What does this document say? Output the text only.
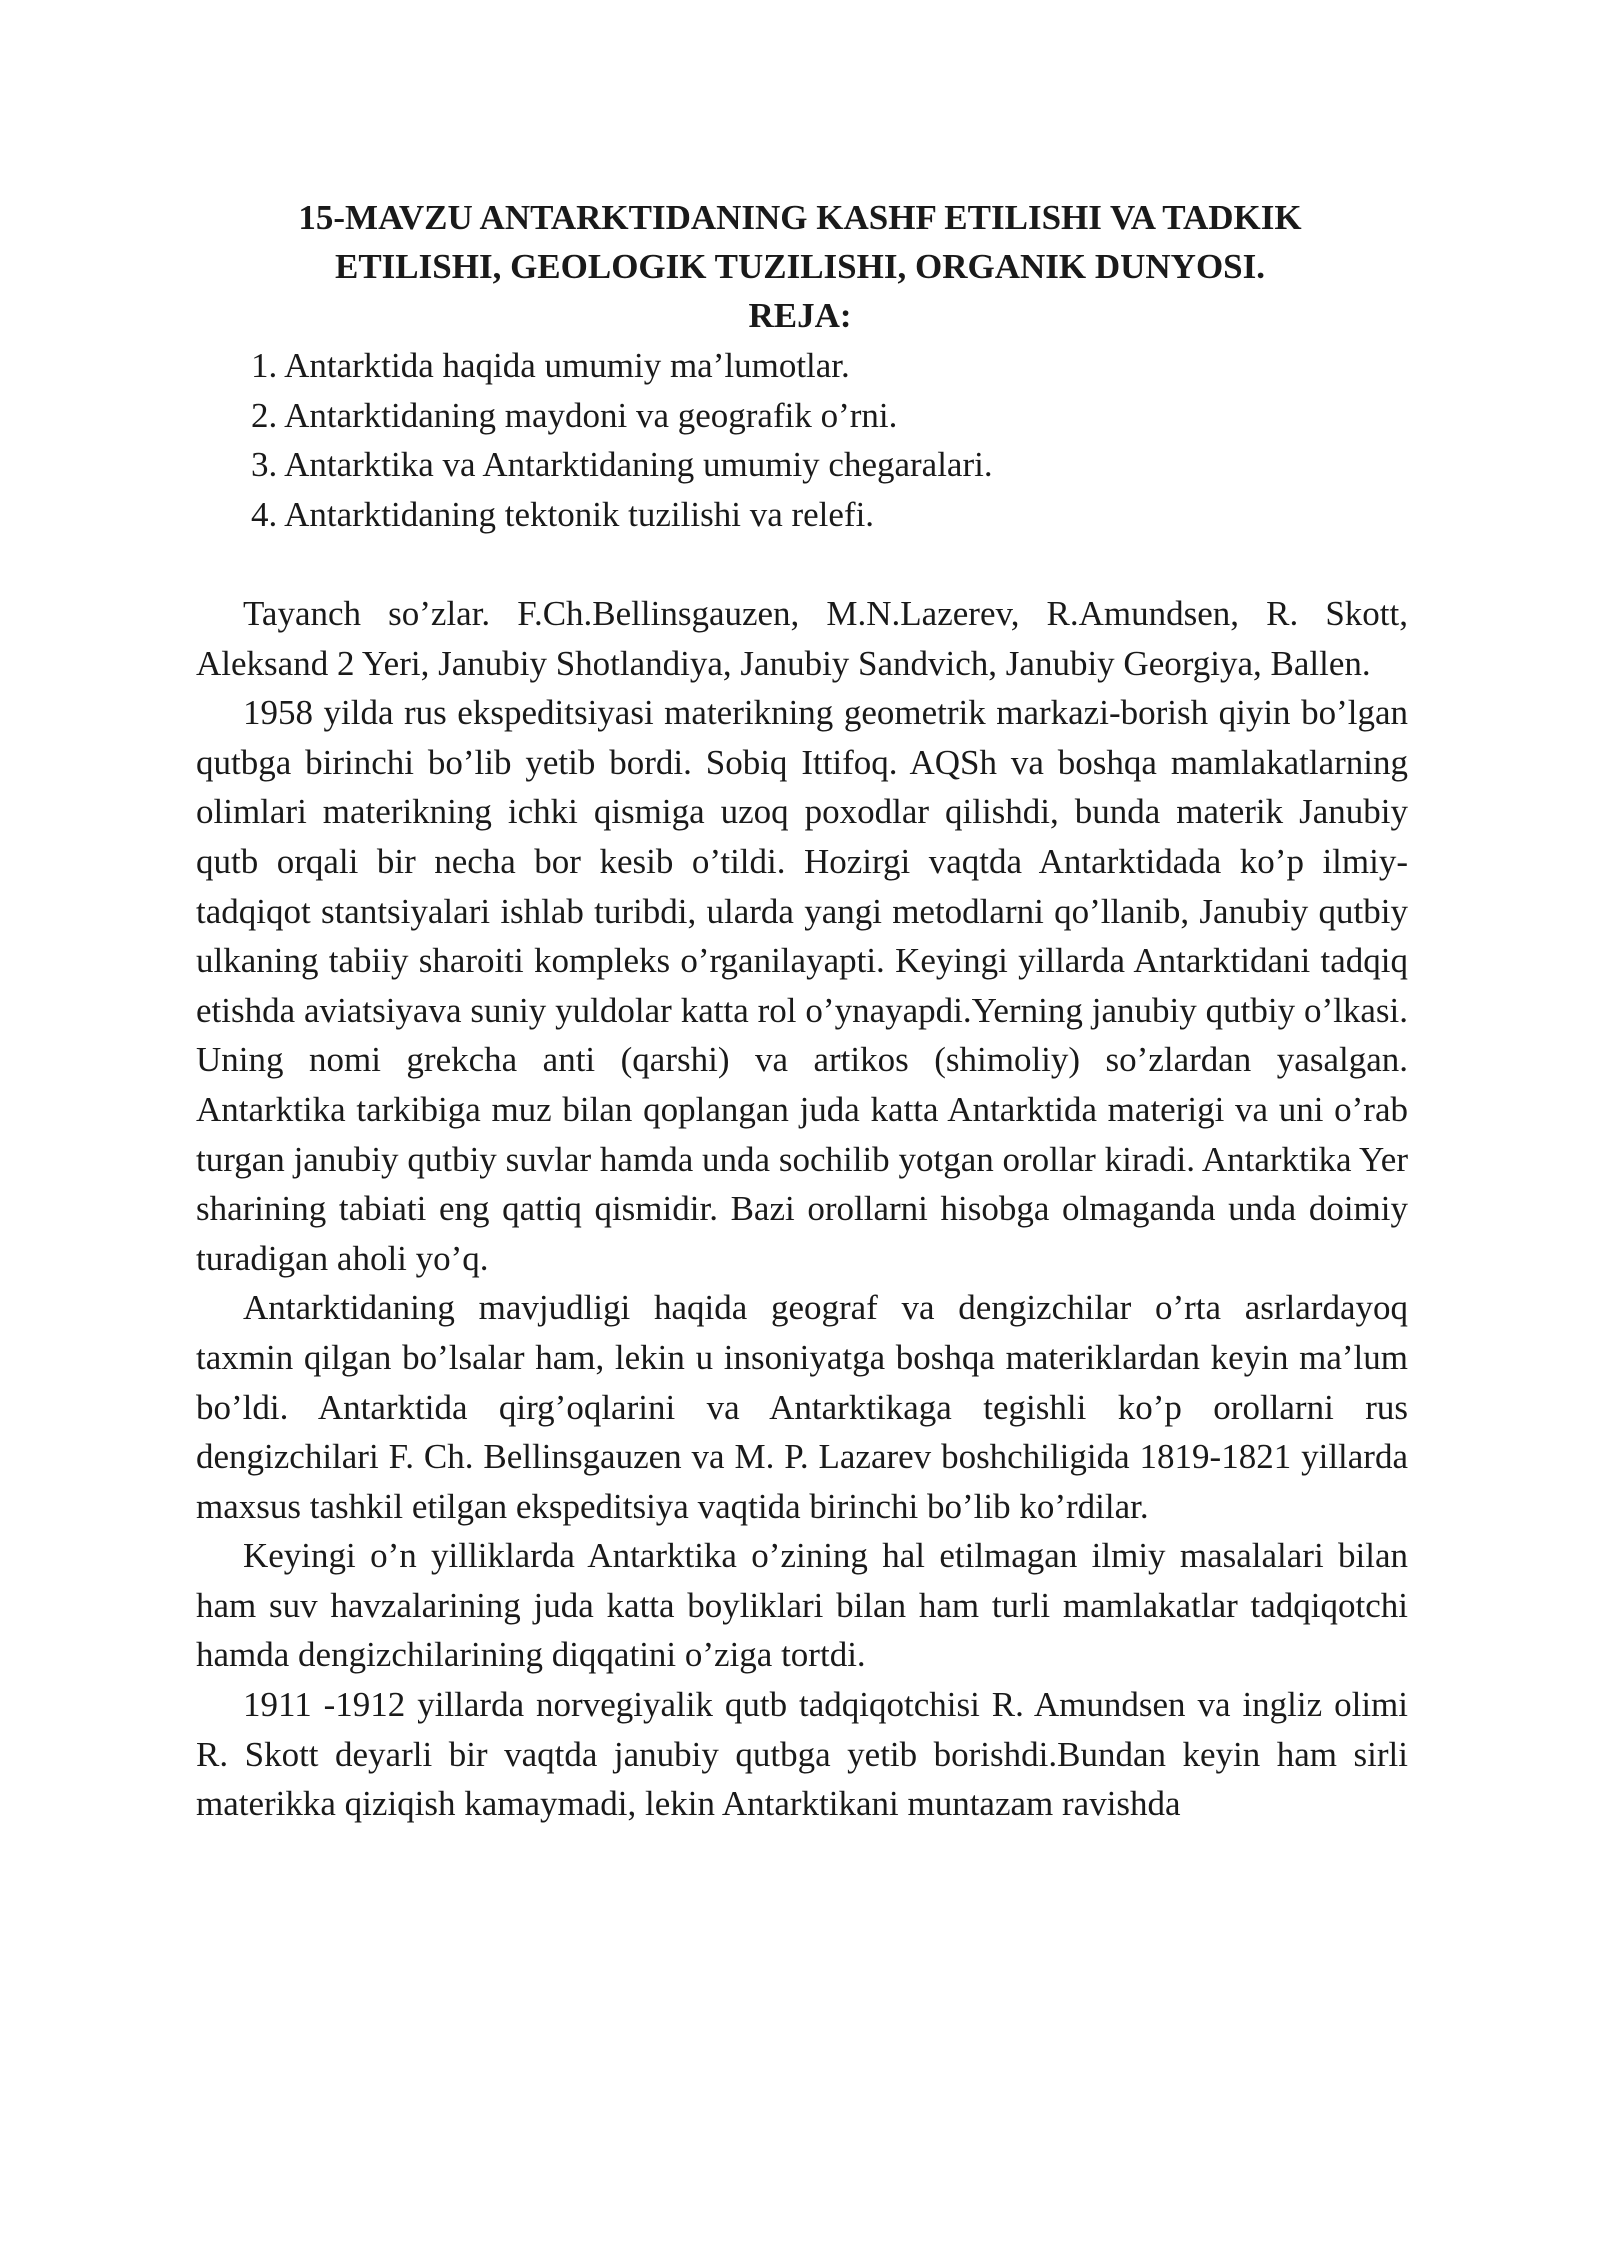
15-MAVZU ANTARKTIDANING KASHF ETILISHI VA TADKIK
ETILISHI, GEOLOGIK TUZILISHI, ORGANIK DUNYOSI.
REJA:
1. Antarktida haqida umumiy ma’lumotlar.
2. Antarktidaning maydoni va geografik o’rni.
3. Antarktika va Antarktidaning umumiy chegaralari.
4. Antarktidaning tektonik tuzilishi va relefi.

Tayanch so’zlar. F.Ch.Bellinsgauzen, M.N.Lazerev, R.Amundsen, R. Skott, Aleksand 2 Yeri, Janubiy Shotlandiya, Janubiy Sandvich, Janubiy Georgiya, Ballen.

1958 yilda rus ekspeditsiyasi materikning geometrik markazi-borish qiyin bo’lgan qutbga birinchi bo’lib yetib bordi. Sobiq Ittifoq. AQSh va boshqa mamlakatlarning olimlari materikning ichki qismiga uzoq poxodlar qilishdi, bunda materik Janubiy qutb orqali bir necha bor kesib o’tildi. Hozirgi vaqtda Antarktidada ko’p ilmiy-tadqiqot stantsiyalari ishlab turibdi, ularda yangi metodlarni qo’llanib, Janubiy qutbiy ulkaning tabiiy sharoiti kompleks o’rganilayapti. Keyingi yillarda Antarktidani tadqiq etishda aviatsiyava suniy yuldolar katta rol o’ynayapdi.Yerning janubiy qutbiy o’lkasi. Uning nomi grekcha anti (qarshi) va artikos (shimoliy) so’zlardan yasalgan. Antarktika tarkibiga muz bilan qoplangan juda katta Antarktida materigi va uni o’rab turgan janubiy qutbiy suvlar hamda unda sochilib yotgan orollar kiradi. Antarktika Yer sharining tabiati eng qattiq qismidir. Bazi orollarni hisobga olmaganda unda doimiy turadigan aholi yo’q.

Antarktidaning mavjudligi haqida geograf va dengizchilar o’rta asrlardayoq taxmin qilgan bo’lsalar ham, lekin u insoniyatga boshqa materiklardan keyin ma’lum bo’ldi. Antarktida qirg’oqlarini va Antarktikaga tegishli ko’p orollarni rus dengizchilari F. Ch. Bellinsgauzen va M. P. Lazarev boshchiligida 1819-1821 yillarda maxsus tashkil etilgan ekspeditsiya vaqtida birinchi bo’lib ko’rdilar.

Keyingi o’n yilliklarda Antarktika o’zining hal etilmagan ilmiy masalalari bilan ham suv havzalarining juda katta boyliklari bilan ham turli mamlakatlar tadqiqotchi hamda dengizchilarining diqqatini o’ziga tortdi.

1911 -1912 yillarda norvegiyalik qutb tadqiqotchisi R. Amundsen va ingliz olimi R. Skott deyarli bir vaqtda janubiy qutbga yetib borishdi.Bundan keyin ham sirli materikka qiziqish kamaymadi, lekin Antarktikani muntazam ravishda
